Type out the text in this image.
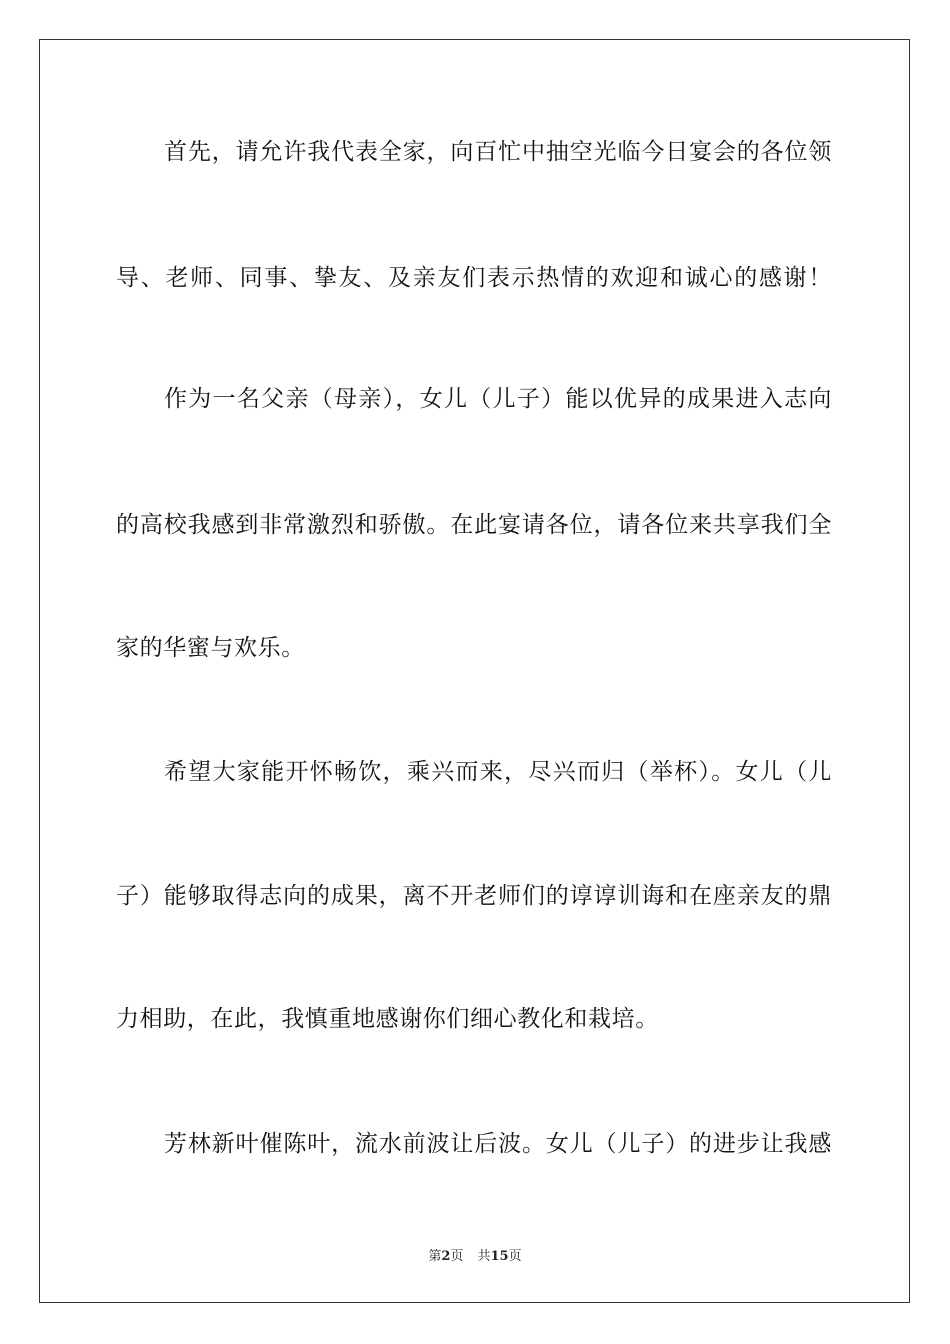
首先，请允许我代表全家，向百忙中抽空光临今日宴会的各位领
导、老师、同事、挚友、及亲友们表示热情的欢迎和诚心的感谢！
作为一名父亲（母亲），女儿（儿子）能以优异的成果进入志向
的高校我感到非常激烈和骄傲。在此宴请各位，请各位来共享我们全
家的华蜜与欢乐。
希望大家能开怀畅饮，乘兴而来，尽兴而归（举杯）。女儿（儿
子）能够取得志向的成果，离不开老师们的谆谆训诲和在座亲友的鼎
力相助，在此，我慎重地感谢你们细心教化和栽培。
芳林新叶催陈叶，流水前波让后波。女儿（儿子）的进步让我感
第2页 共15页
